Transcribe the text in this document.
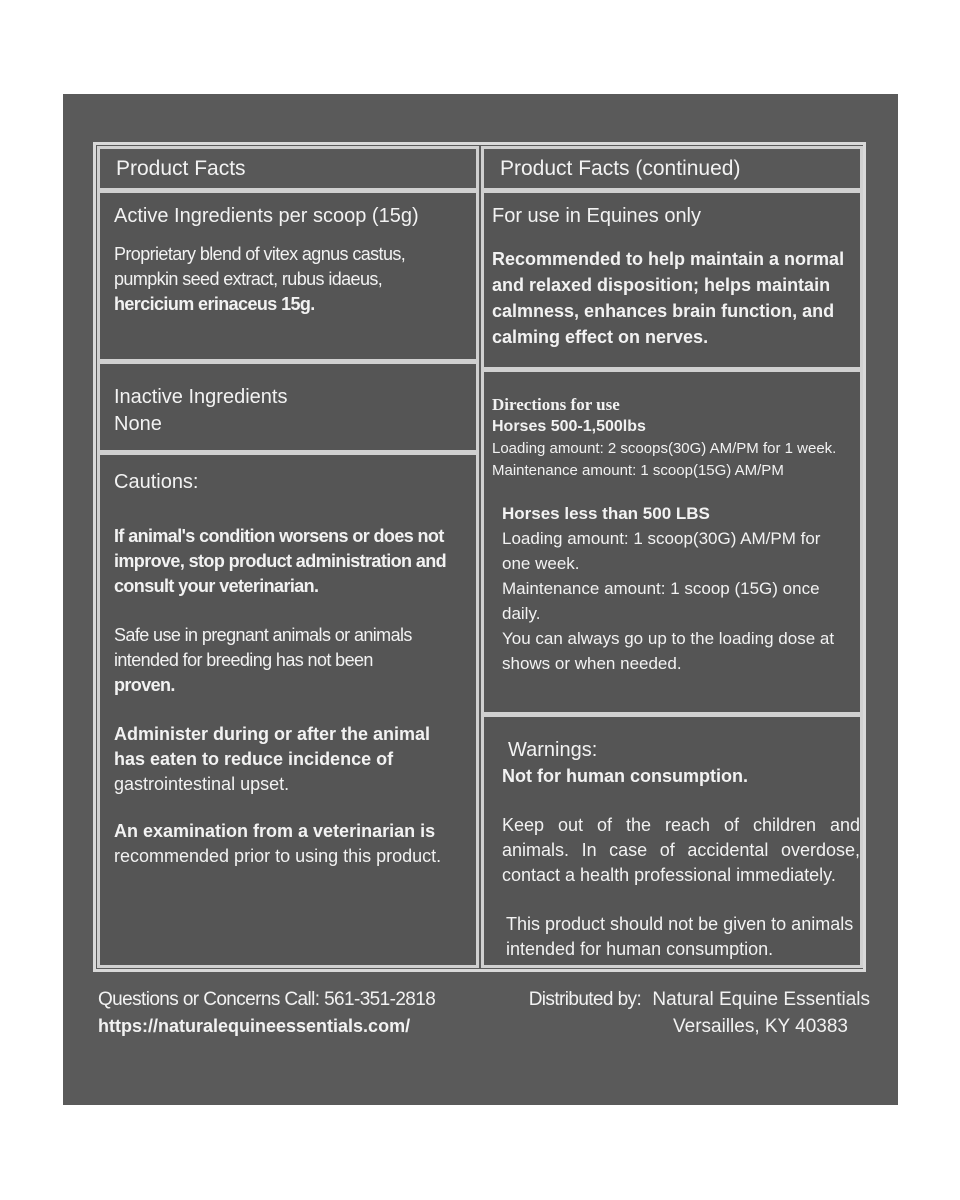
Product Facts

Active Ingredients per scoop (15g)

Proprietary blend of vitex agnus castus, pumpkin seed extract, rubus idaeus, hercicium erinaceus 15g.

Inactive Ingredients

None

Cautions:

If animal's condition worsens or does not improve, stop product administration and consult your veterinarian.

Safe use in pregnant animals or animals intended for breeding has not been proven.

Administer during or after the animal has eaten to reduce incidence of gastrointestinal upset.

An examination from a veterinarian is recommended prior to using this product.

Product Facts (continued)

For use in Equines only

Recommended to help maintain a normal and relaxed disposition; helps maintain calmness, enhances brain function, and calming effect on nerves.

Directions for use

Horses 500-1,500lbs

Loading amount: 2 scoops(30G) AM/PM for 1 week.

Maintenance amount: 1 scoop(15G) AM/PM

Horses less than 500 LBS

Loading amount: 1 scoop(30G) AM/PM for one week.

Maintenance amount: 1 scoop (15G) once daily.

You can always go up to the loading dose at shows or when needed.

Warnings:

Not for human consumption.

Keep out of the reach of children and animals. In case of accidental overdose, contact a health professional immediately.

This product should not be given to animals intended for human consumption.

Questions or Concerns Call: 561-351-2818

https://naturalequineessentials.com/

Distributed by: Natural Equine Essentials

Versailles, KY 40383
